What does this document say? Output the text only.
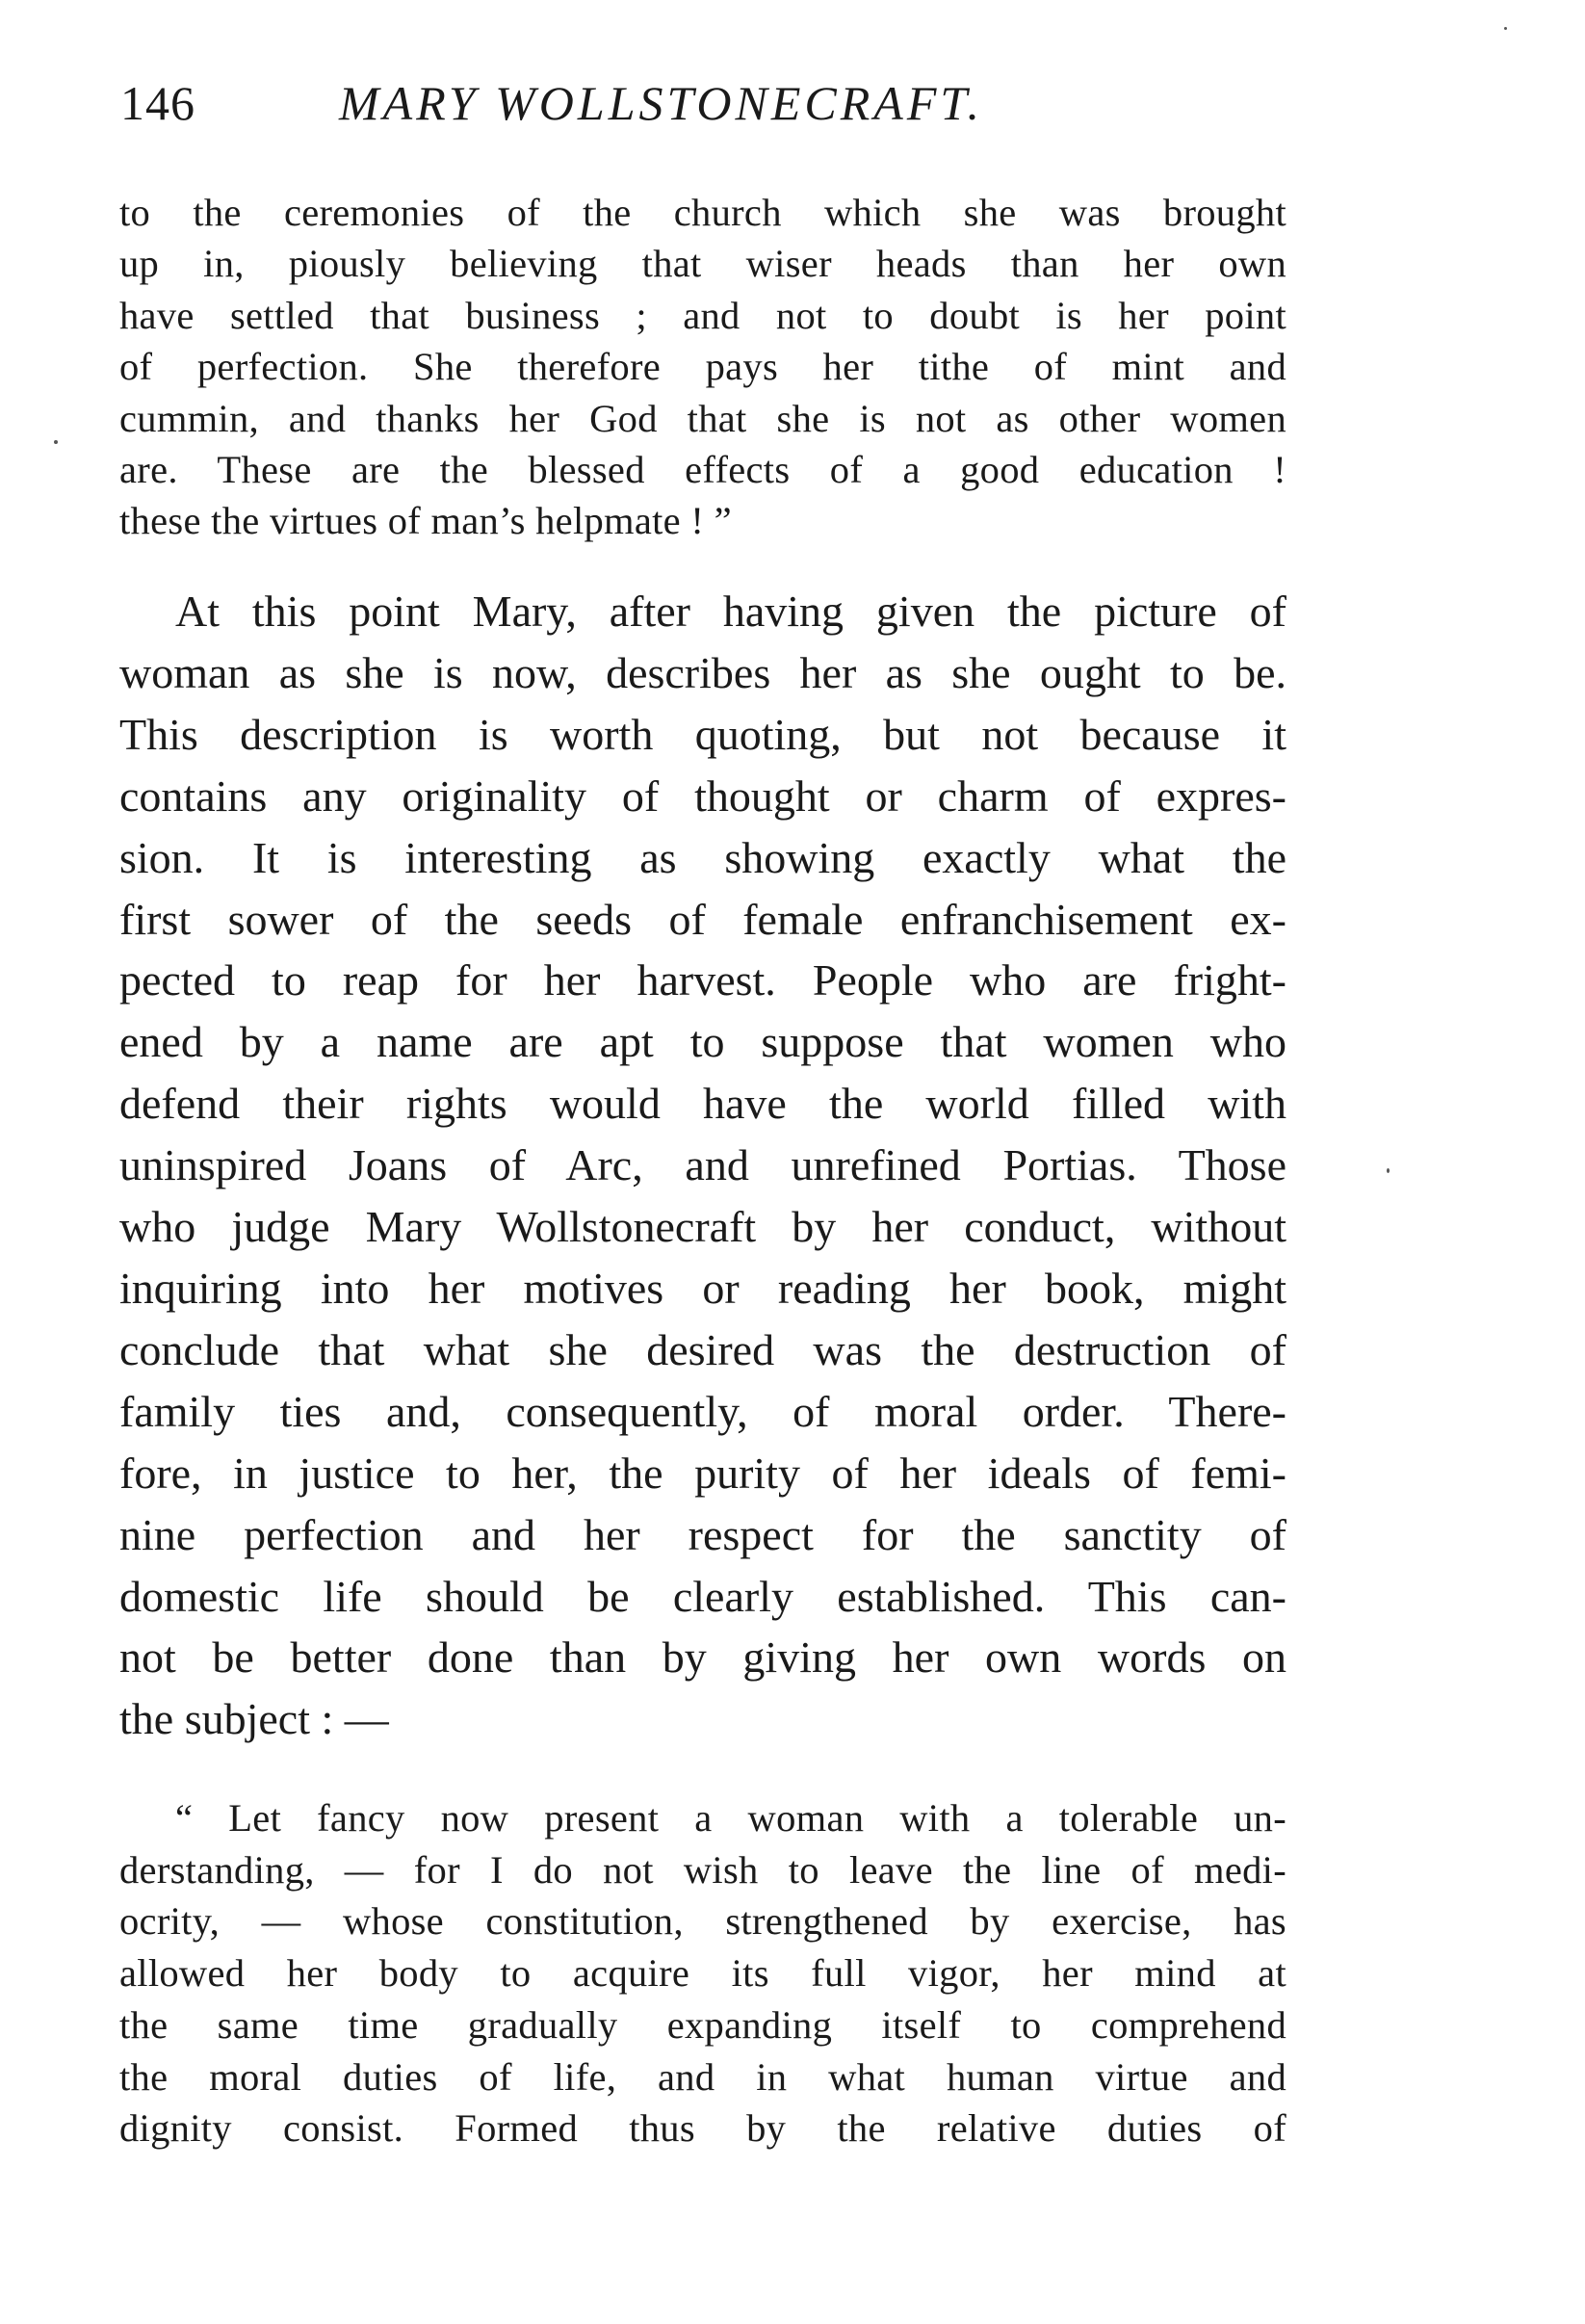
146	MARY WOLLSTONECRAFT.
to the ceremonies of the church which she was brought
up in, piously believing that wiser heads than her own
have settled that business ; and not to doubt is her point
of perfection. She therefore pays her tithe of mint and
cummin, and thanks her God that she is not as other women
are. These are the blessed effects of a good education !
these the virtues of man’s helpmate ! ”
At this point Mary, after having given the picture of
woman as she is now, describes her as she ought to be.
This description is worth quoting, but not because it
contains any originality of thought or charm of expres-
sion. It is interesting as showing exactly what the
first sower of the seeds of female enfranchisement ex-
pected to reap for her harvest. People who are fright-
ened by a name are apt to suppose that women who
defend their rights would have the world filled with
uninspired Joans of Arc, and unrefined Portias. Those
who judge Mary Wollstonecraft by her conduct, without
inquiring into her motives or reading her book, might
conclude that what she desired was the destruction of
family ties and, consequently, of moral order. There-
fore, in justice to her, the purity of her ideals of femi-
nine perfection and her respect for the sanctity of
domestic life should be clearly established. This can-
not be better done than by giving her own words on
the subject : —
“ Let fancy now present a woman with a tolerable un-
derstanding, — for I do not wish to leave the line of medi-
ocrity, — whose constitution, strengthened by exercise, has
allowed her body to acquire its full vigor, her mind at
the same time gradually expanding itself to comprehend
the moral duties of life, and in what human virtue and
dignity consist. Formed thus by the relative duties of
